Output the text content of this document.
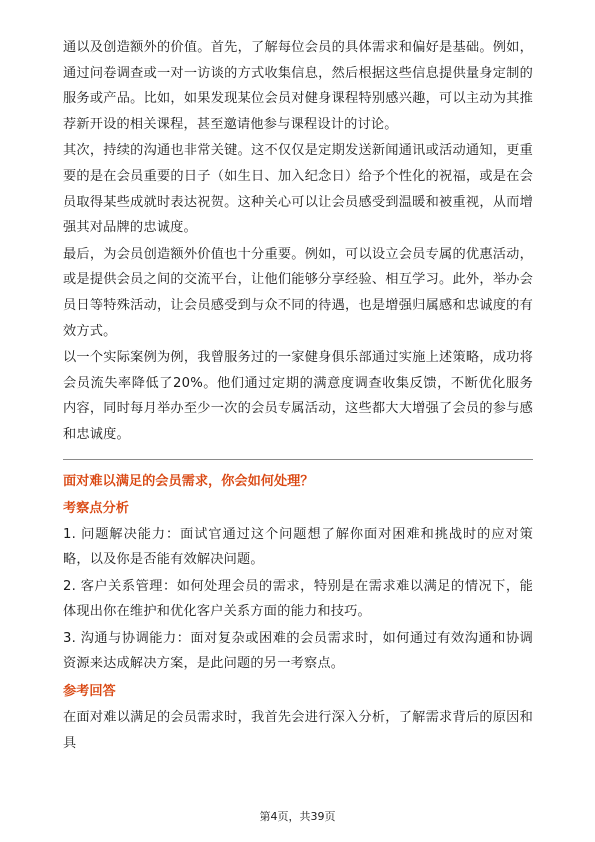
通以及创造额外的价值。首先，了解每位会员的具体需求和偏好是基础。例如，通过问卷调查或一对一访谈的方式收集信息，然后根据这些信息提供量身定制的服务或产品。比如，如果发现某位会员对健身课程特别感兴趣，可以主动为其推荐新开设的相关课程，甚至邀请他参与课程设计的讨论。

其次，持续的沟通也非常关键。这不仅仅是定期发送新闻通讯或活动通知，更重要的是在会员重要的日子（如生日、加入纪念日）给予个性化的祝福，或是在会员取得某些成就时表达祝贺。这种关心可以让会员感受到温暖和被重视，从而增强其对品牌的忠诚度。

最后，为会员创造额外价值也十分重要。例如，可以设立会员专属的优惠活动，或是提供会员之间的交流平台，让他们能够分享经验、相互学习。此外，举办会员日等特殊活动，让会员感受到与众不同的待遇，也是增强归属感和忠诚度的有效方式。

以一个实际案例为例，我曾服务过的一家健身俱乐部通过实施上述策略，成功将会员流失率降低了20%。他们通过定期的满意度调查收集反馈，不断优化服务内容，同时每月举办至少一次的会员专属活动，这些都大大增强了会员的参与感和忠诚度。

面对难以满足的会员需求，你会如何处理？
考察点分析

1. 问题解决能力：面试官通过这个问题想了解你面对困难和挑战时的应对策略，以及你是否能有效解决问题。

2. 客户关系管理：如何处理会员的需求，特别是在需求难以满足的情况下，能体现出你在维护和优化客户关系方面的能力和技巧。

3. 沟通与协调能力：面对复杂或困难的会员需求时，如何通过有效沟通和协调资源来达成解决方案，是此问题的另一考察点。

参考回答

在面对难以满足的会员需求时，我首先会进行深入分析，了解需求背后的原因和具

第4页，共39页
